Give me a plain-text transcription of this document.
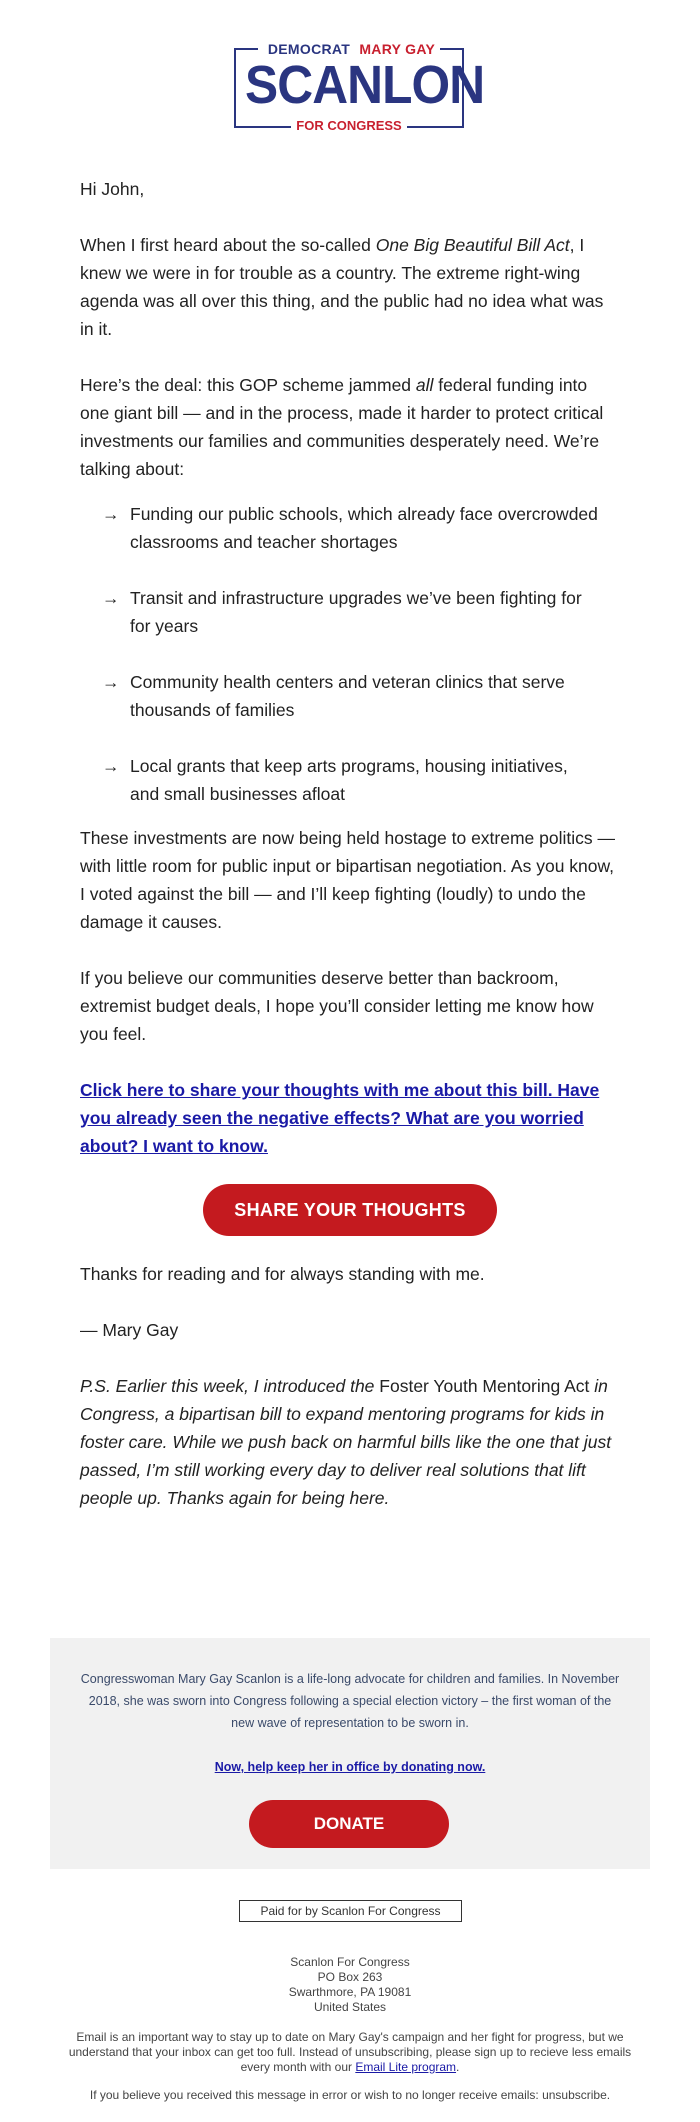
DEMOCRAT MARY GAY
SCANLON
FOR CONGRESS

Hi John,

When I first heard about the so-called One Big Beautiful Bill Act, I knew we were in for trouble as a country. The extreme right-wing agenda was all over this thing, and the public had no idea what was in it.

Here’s the deal: this GOP scheme jammed all federal funding into one giant bill — and in the process, made it harder to protect critical investments our families and communities desperately need. We’re talking about:

→ Funding our public schools, which already face overcrowded classrooms and teacher shortages
→ Transit and infrastructure upgrades we’ve been fighting for for years
→ Community health centers and veteran clinics that serve thousands of families
→ Local grants that keep arts programs, housing initiatives, and small businesses afloat

These investments are now being held hostage to extreme politics — with little room for public input or bipartisan negotiation. As you know, I voted against the bill — and I’ll keep fighting (loudly) to undo the damage it causes.

If you believe our communities deserve better than backroom, extremist budget deals, I hope you’ll consider letting me know how you feel.

Click here to share your thoughts with me about this bill. Have you already seen the negative effects? What are you worried about? I want to know.
SHARE YOUR THOUGHTS

Thanks for reading and for always standing with me.

— Mary Gay

P.S. Earlier this week, I introduced the Foster Youth Mentoring Act in Congress, a bipartisan bill to expand mentoring programs for kids in foster care. While we push back on harmful bills like the one that just passed, I’m still working every day to deliver real solutions that lift people up. Thanks again for being here.
Congresswoman Mary Gay Scanlon is a life-long advocate for children and families. In November 2018, she was sworn into Congress following a special election victory – the first woman of the new wave of representation to be sworn in.
Now, help keep her in office by donating now.
DONATE
Paid for by Scanlon For Congress
Scanlon For Congress
PO Box 263
Swarthmore, PA 19081
United States
Email is an important way to stay up to date on Mary Gay's campaign and her fight for progress, but we understand that your inbox can get too full. Instead of unsubscribing, please sign up to recieve less emails every month with our Email Lite program.
If you believe you received this message in error or wish to no longer receive emails: unsubscribe.
